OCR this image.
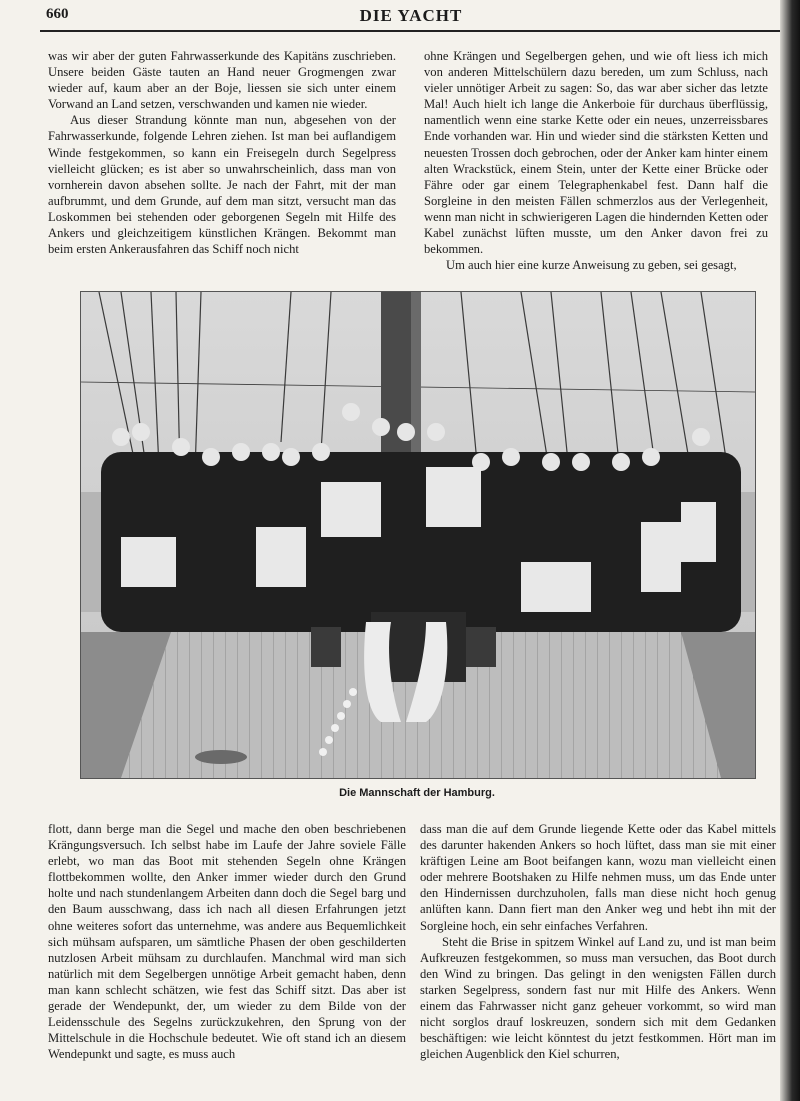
660	DIE YACHT

was wir aber der guten Fahrwasserkunde des Kapitäns zuschrieben. Unsere beiden Gäste tauten an Hand neuer Grogmengen zwar wieder auf, kaum aber an der Boje, liessen sie sich unter einem Vorwand an Land setzen, verschwanden und kamen nie wieder.

Aus dieser Strandung könnte man nun, abgesehen von der Fahrwasserkunde, folgende Lehren ziehen. Ist man bei auflandigem Winde festgekommen, so kann ein Freisegeln durch Segelpress vielleicht glücken; es ist aber so unwahrscheinlich, dass man von vornherein davon absehen sollte. Je nach der Fahrt, mit der man aufbrummt, und dem Grunde, auf dem man sitzt, versucht man das Loskommen bei stehenden oder geborgenen Segeln mit Hilfe des Ankers und gleichzeitigem künstlichen Krängen. Bekommt man beim ersten Ankerausfahren das Schiff noch nicht

ohne Krängen und Segelbergen gehen, und wie oft liess ich mich von anderen Mittelschülern dazu bereden, um zum Schluss, nach vieler unnötiger Arbeit zu sagen: So, das war aber sicher das letzte Mal! Auch hielt ich lange die Ankerboie für durchaus überflüssig, namentlich wenn eine starke Kette oder ein neues, unzerreissbares Ende vorhanden war. Hin und wieder sind die stärksten Ketten und neuesten Trossen doch gebrochen, oder der Anker kam hinter einem alten Wrackstück, einem Stein, unter der Kette einer Brücke oder Fähre oder gar einem Telegraphenkabel fest. Dann half die Sorgleine in den meisten Fällen schmerzlos aus der Verlegenheit, wenn man nicht in schwierigeren Lagen die hindernden Ketten oder Kabel zunächst lüften musste, um den Anker davon frei zu bekommen.

Um auch hier eine kurze Anweisung zu geben, sei gesagt,

Die Mannschaft der Hamburg.

flott, dann berge man die Segel und mache den oben beschriebenen Krängungsversuch. Ich selbst habe im Laufe der Jahre soviele Fälle erlebt, wo man das Boot mit stehenden Segeln ohne Krängen flottbekommen wollte, den Anker immer wieder durch den Grund holte und nach stundenlangem Arbeiten dann doch die Segel barg und den Baum ausschwang, dass ich nach all diesen Erfahrungen jetzt ohne weiteres sofort das unternehme, was andere aus Bequemlichkeit sich mühsam aufsparen, um sämtliche Phasen der oben geschilderten nutzlosen Arbeit mühsam zu durchlaufen. Manchmal wird man sich natürlich mit dem Segelbergen unnötige Arbeit gemacht haben, denn man kann schlecht schätzen, wie fest das Schiff sitzt. Das aber ist gerade der Wendepunkt, der, um wieder zu dem Bilde von der Leidensschule des Segelns zurückzukehren, den Sprung von der Mittelschule in die Hochschule bedeutet. Wie oft stand ich an diesem Wendepunkt und sagte, es muss auch

dass man die auf dem Grunde liegende Kette oder das Kabel mittels des darunter hakenden Ankers so hoch lüftet, dass man sie mit einer kräftigen Leine am Boot beifangen kann, wozu man vielleicht einen oder mehrere Bootshaken zu Hilfe nehmen muss, um das Ende unter den Hindernissen durchzuholen, falls man diese nicht hoch genug anlüften kann. Dann fiert man den Anker weg und hebt ihn mit der Sorgleine hoch, ein sehr einfaches Verfahren.

Steht die Brise in spitzem Winkel auf Land zu, und ist man beim Aufkreuzen festgekommen, so muss man versuchen, das Boot durch den Wind zu bringen. Das gelingt in den wenigsten Fällen durch starken Segelpress, sondern fast nur mit Hilfe des Ankers. Wenn einem das Fahrwasser nicht ganz geheuer vorkommt, so wird man nicht sorglos drauf loskreuzen, sondern sich mit dem Gedanken beschäftigen: wie leicht könntest du jetzt festkommen. Hört man im gleichen Augenblick den Kiel schurren,
